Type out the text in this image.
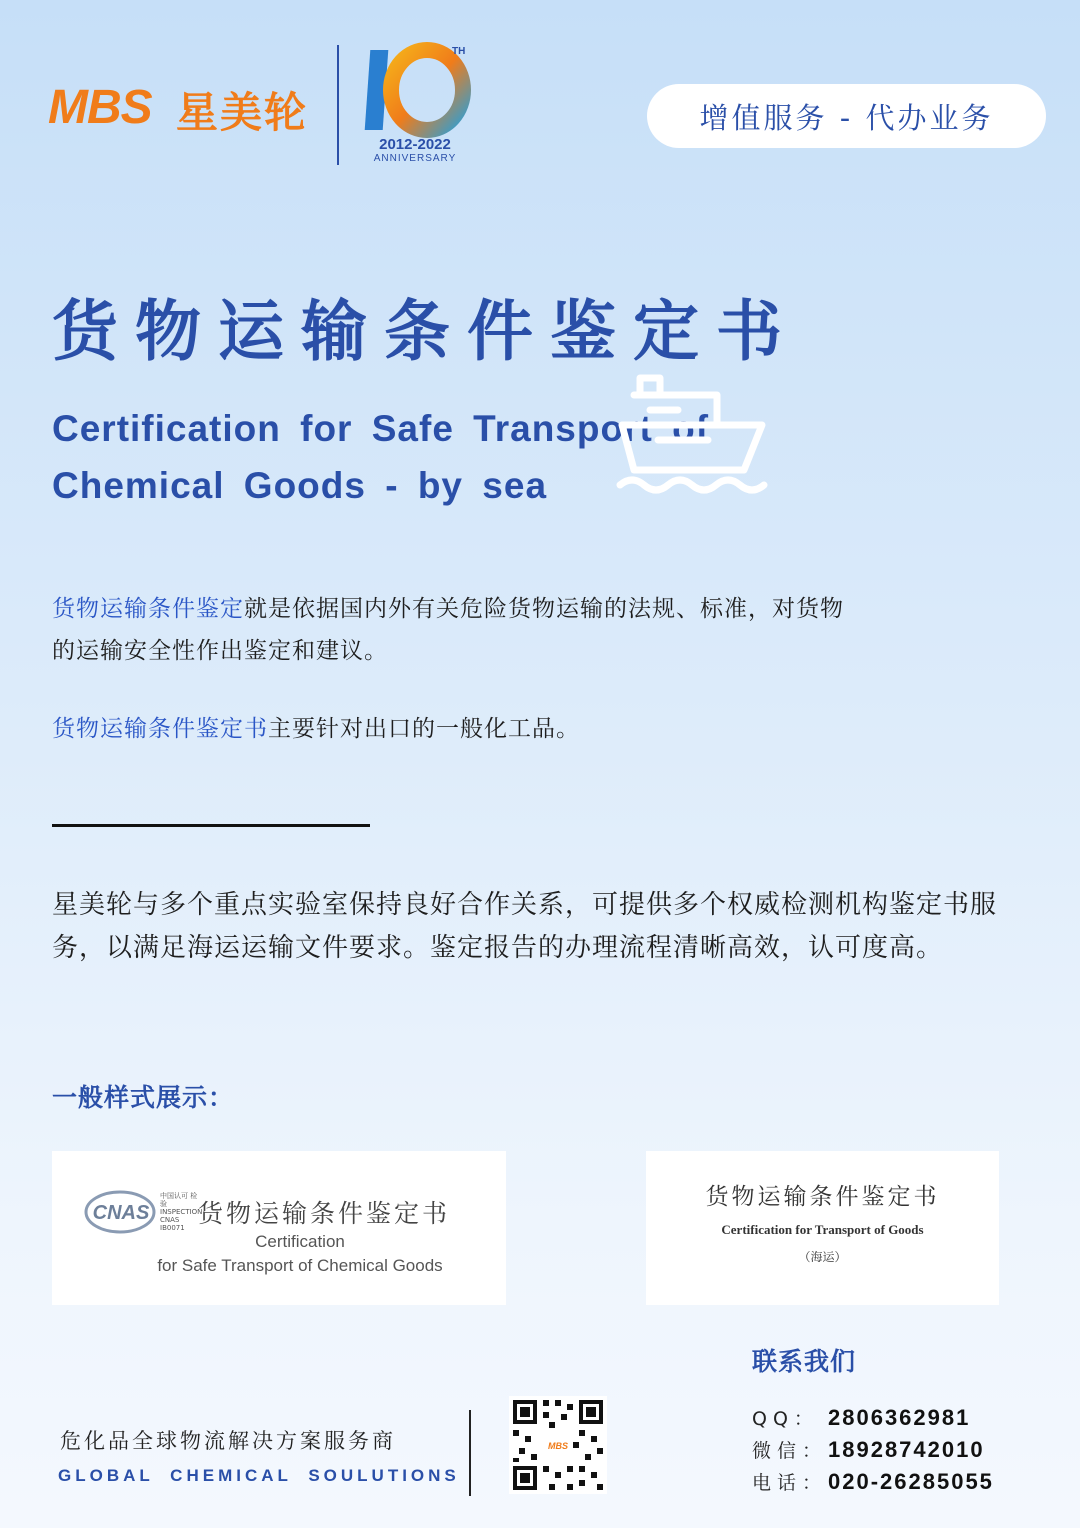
MBS 星美轮
TH
2012-2022
ANNIVERSARY
增值服务 - 代办业务
货物运输条件鉴定书
Certification for Safe Transport of
Chemical Goods - by sea
货物运输条件鉴定就是依据国内外有关危险货物运输的法规、标准，对货物的运输安全性作出鉴定和建议。
货物运输条件鉴定书主要针对出口的一般化工品。
星美轮与多个重点实验室保持良好合作关系，可提供多个权威检测机构鉴定书服务，以满足海运运输文件要求。鉴定报告的办理流程清晰高效，认可度高。
一般样式展示：
CNAS
中国认可 检验 INSPECTION CNAS IB0071 货物运输条件鉴定书
Certification
for Safe Transport of Chemical Goods
货物运输条件鉴定书
Certification for Transport of Goods
（海运）
联系我们
QQ： 2806362981
微信： 18928742010
电话： 020-26285055
危化品全球物流解决方案服务商
GLOBAL CHEMICAL SOULUTIONS
MBS
